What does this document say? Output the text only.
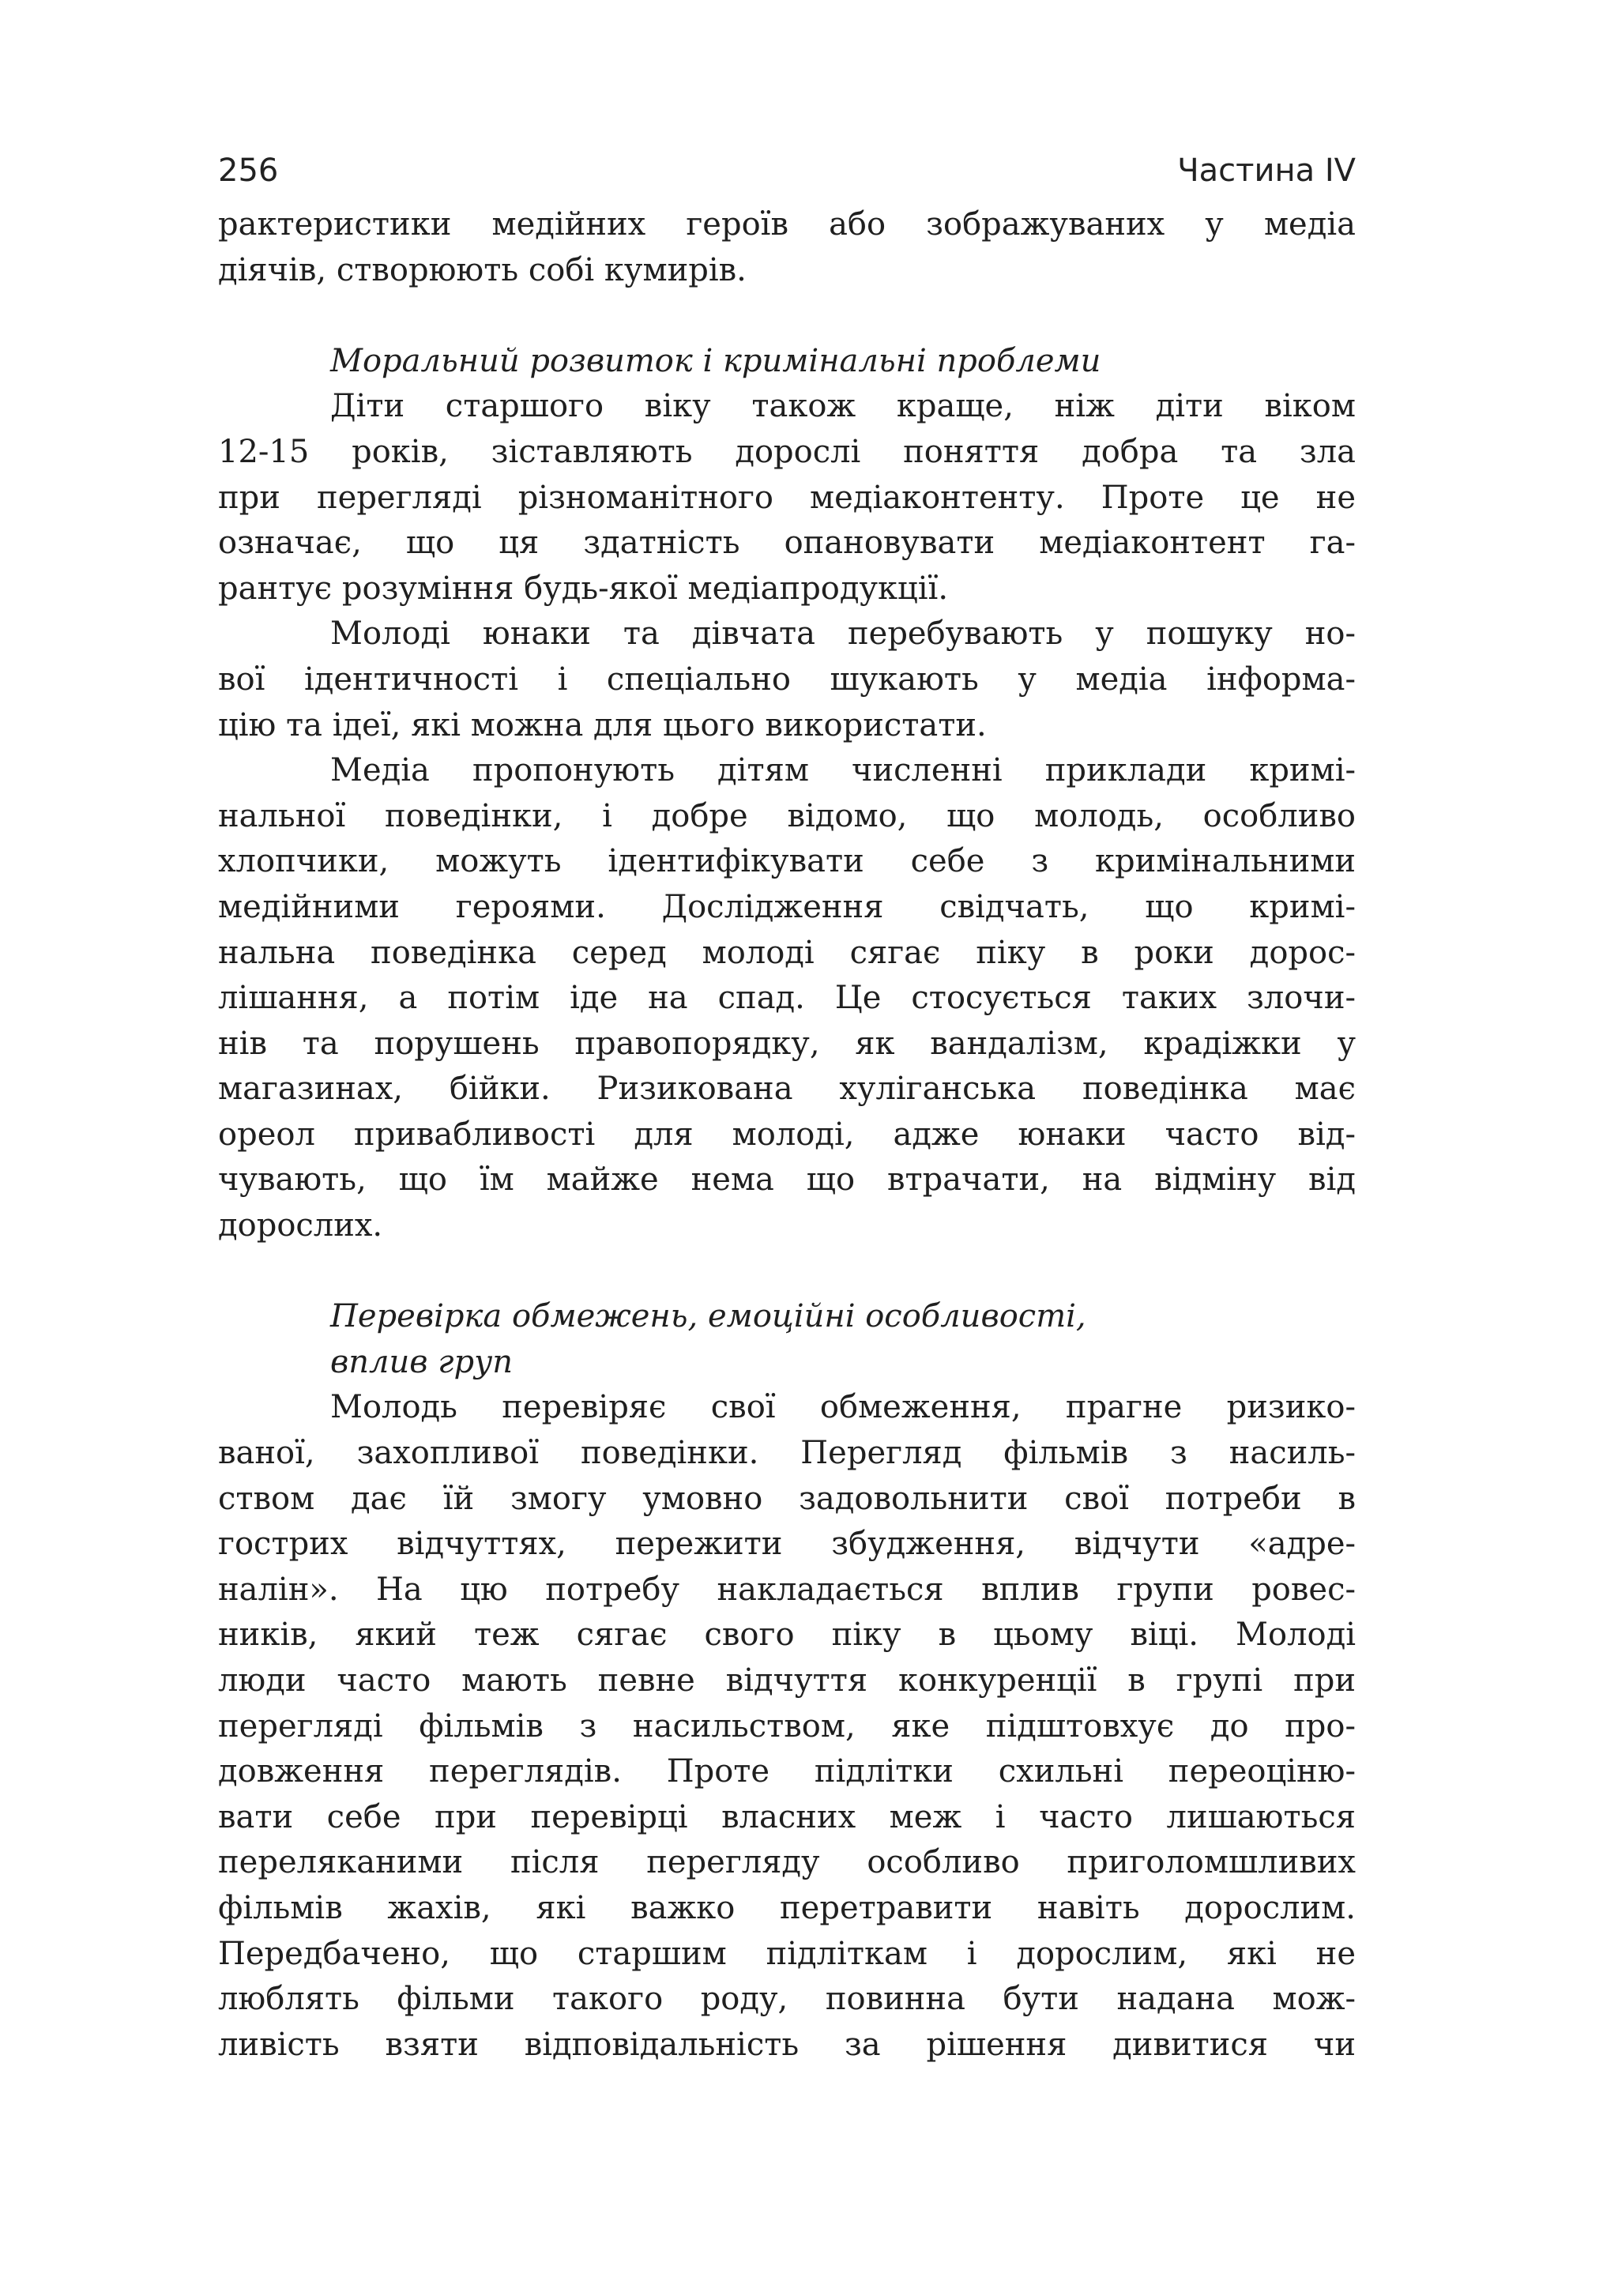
256	Частина IV
рактеристики медійних героїв або зображуваних у медіа
діячів, створюють собі кумирів.
Моральний розвиток і кримінальні проблеми
Діти старшого віку також краще, ніж діти віком
12-15 років, зіставляють дорослі поняття добра та зла
при перегляді різноманітного медіаконтенту. Проте це не
означає, що ця здатність опановувати медіаконтент га-
рантує розуміння будь-якої медіапродукції.
Молоді юнаки та дівчата перебувають у пошуку но-
вої ідентичності і спеціально шукають у медіа інформа-
цію та ідеї, які можна для цього використати.
Медіа пропонують дітям численні приклади кримі-
нальної поведінки, і добре відомо, що молодь, особливо
хлопчики, можуть ідентифікувати себе з кримінальними
медійними героями. Дослідження свідчать, що кримі-
нальна поведінка серед молоді сягає піку в роки дорос-
лішання, а потім іде на спад. Це стосується таких злочи-
нів та порушень правопорядку, як вандалізм, крадіжки у
магазинах, бійки. Ризикована хуліганська поведінка має
ореол привабливості для молоді, адже юнаки часто від-
чувають, що їм майже нема що втрачати, на відміну від
дорослих.
Перевірка обмежень, емоційні особливості,
вплив груп
Молодь перевіряє свої обмеження, прагне ризико-
ваної, захопливої поведінки. Перегляд фільмів з насиль-
ством дає їй змогу умовно задовольнити свої потреби в
гострих відчуттях, пережити збудження, відчути «адре-
налін». На цю потребу накладається вплив групи ровес-
ників, який теж сягає свого піку в цьому віці. Молоді
люди часто мають певне відчуття конкуренції в групі при
перегляді фільмів з насильством, яке підштовхує до про-
довження переглядів. Проте підлітки схильні переоціню-
вати себе при перевірці власних меж і часто лишаються
переляканими після перегляду особливо приголомшливих
фільмів жахів, які важко перетравити навіть дорослим.
Передбачено, що старшим підліткам і дорослим, які не
люблять фільми такого роду, повинна бути надана мож-
ливість взяти відповідальність за рішення дивитися чи
